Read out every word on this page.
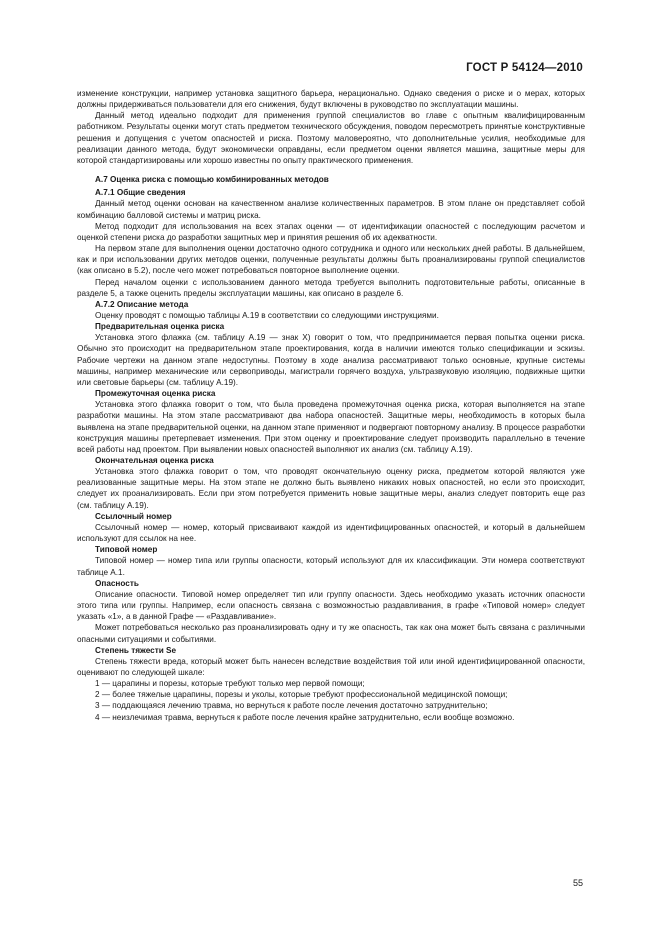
ГОСТ Р 54124—2010

изменение конструкции, например установка защитного барьера, нерационально. Однако сведения о риске и о мерах, которых должны придерживаться пользователи для его снижения, будут включены в руководство по эксплуатации машины.

Данный метод идеально подходит для применения группой специалистов во главе с опытным квалифицированным работником. Результаты оценки могут стать предметом технического обсуждения, поводом пересмотреть принятые конструктивные решения и допущения с учетом опасностей и риска. Поэтому маловероятно, что дополнительные усилия, необходимые для реализации данного метода, будут экономически оправданы, если предметом оценки является машина, защитные меры для которой стандартизированы или хорошо известны по опыту практического применения.

А.7 Оценка риска с помощью комбинированных методов

А.7.1 Общие сведения

Данный метод оценки основан на качественном анализе количественных параметров. В этом плане он представляет собой комбинацию балловой системы и матриц риска.

Метод подходит для использования на всех этапах оценки — от идентификации опасностей с последующим расчетом и оценкой степени риска до разработки защитных мер и принятия решения об их адекватности.

На первом этапе для выполнения оценки достаточно одного сотрудника и одного или нескольких дней работы. В дальнейшем, как и при использовании других методов оценки, полученные результаты должны быть проанализированы группой специалистов (как описано в 5.2), после чего может потребоваться повторное выполнение оценки.

Перед началом оценки с использованием данного метода требуется выполнить подготовительные работы, описанные в разделе 5, а также оценить пределы эксплуатации машины, как описано в разделе 6.

А.7.2 Описание метода

Оценку проводят с помощью таблицы А.19 в соответствии со следующими инструкциями.

Предварительная оценка риска

Установка этого флажка (см. таблицу А.19 — знак Х) говорит о том, что предпринимается первая попытка оценки риска. Обычно это происходит на предварительном этапе проектирования, когда в наличии имеются только спецификации и эскизы. Рабочие чертежи на данном этапе недоступны. Поэтому в ходе анализа рассматривают только основные, крупные системы машины, например механические или сервоприводы, магистрали горячего воздуха, ультразвуковую изоляцию, подвижные щитки или световые барьеры (см. таблицу А.19).

Промежуточная оценка риска

Установка этого флажка говорит о том, что была проведена промежуточная оценка риска, которая выполняется на этапе разработки машины. На этом этапе рассматривают два набора опасностей. Защитные меры, необходимость в которых была выявлена на этапе предварительной оценки, на данном этапе применяют и подвергают повторному анализу. В процессе разработки конструкция машины претерпевает изменения. При этом оценку и проектирование следует производить параллельно в течение всей работы над проектом. При выявлении новых опасностей выполняют их анализ (см. таблицу А.19).

Окончательная оценка риска

Установка этого флажка говорит о том, что проводят окончательную оценку риска, предметом которой являются уже реализованные защитные меры. На этом этапе не должно быть выявлено никаких новых опасностей, но если это происходит, следует их проанализировать. Если при этом потребуется применить новые защитные меры, анализ следует повторить еще раз (см. таблицу А.19).

Ссылочный номер

Ссылочный номер — номер, который присваивают каждой из идентифицированных опасностей, и который в дальнейшем используют для ссылок на нее.

Типовой номер

Типовой номер — номер типа или группы опасности, который используют для их классификации. Эти номера соответствуют таблице А.1.

Опасность

Описание опасности. Типовой номер определяет тип или группу опасности. Здесь необходимо указать источник опасности этого типа или группы. Например, если опасность связана с возможностью раздавливания, в графе «Типовой номер» следует указать «1», а в данной Графе — «Раздавливание».

Может потребоваться несколько раз проанализировать одну и ту же опасность, так как она может быть связана с различными опасными ситуациями и событиями.

Степень тяжести Se

Степень тяжести вреда, который может быть нанесен вследствие воздействия той или иной идентифицированной опасности, оценивают по следующей шкале:

1 — царапины и порезы, которые требуют только мер первой помощи;

2 — более тяжелые царапины, порезы и уколы, которые требуют профессиональной медицинской помощи;

3 — поддающаяся лечению травма, но вернуться к работе после лечения достаточно затруднительно;

4 — неизлечимая травма, вернуться к работе после лечения крайне затруднительно, если вообще возможно.

55
